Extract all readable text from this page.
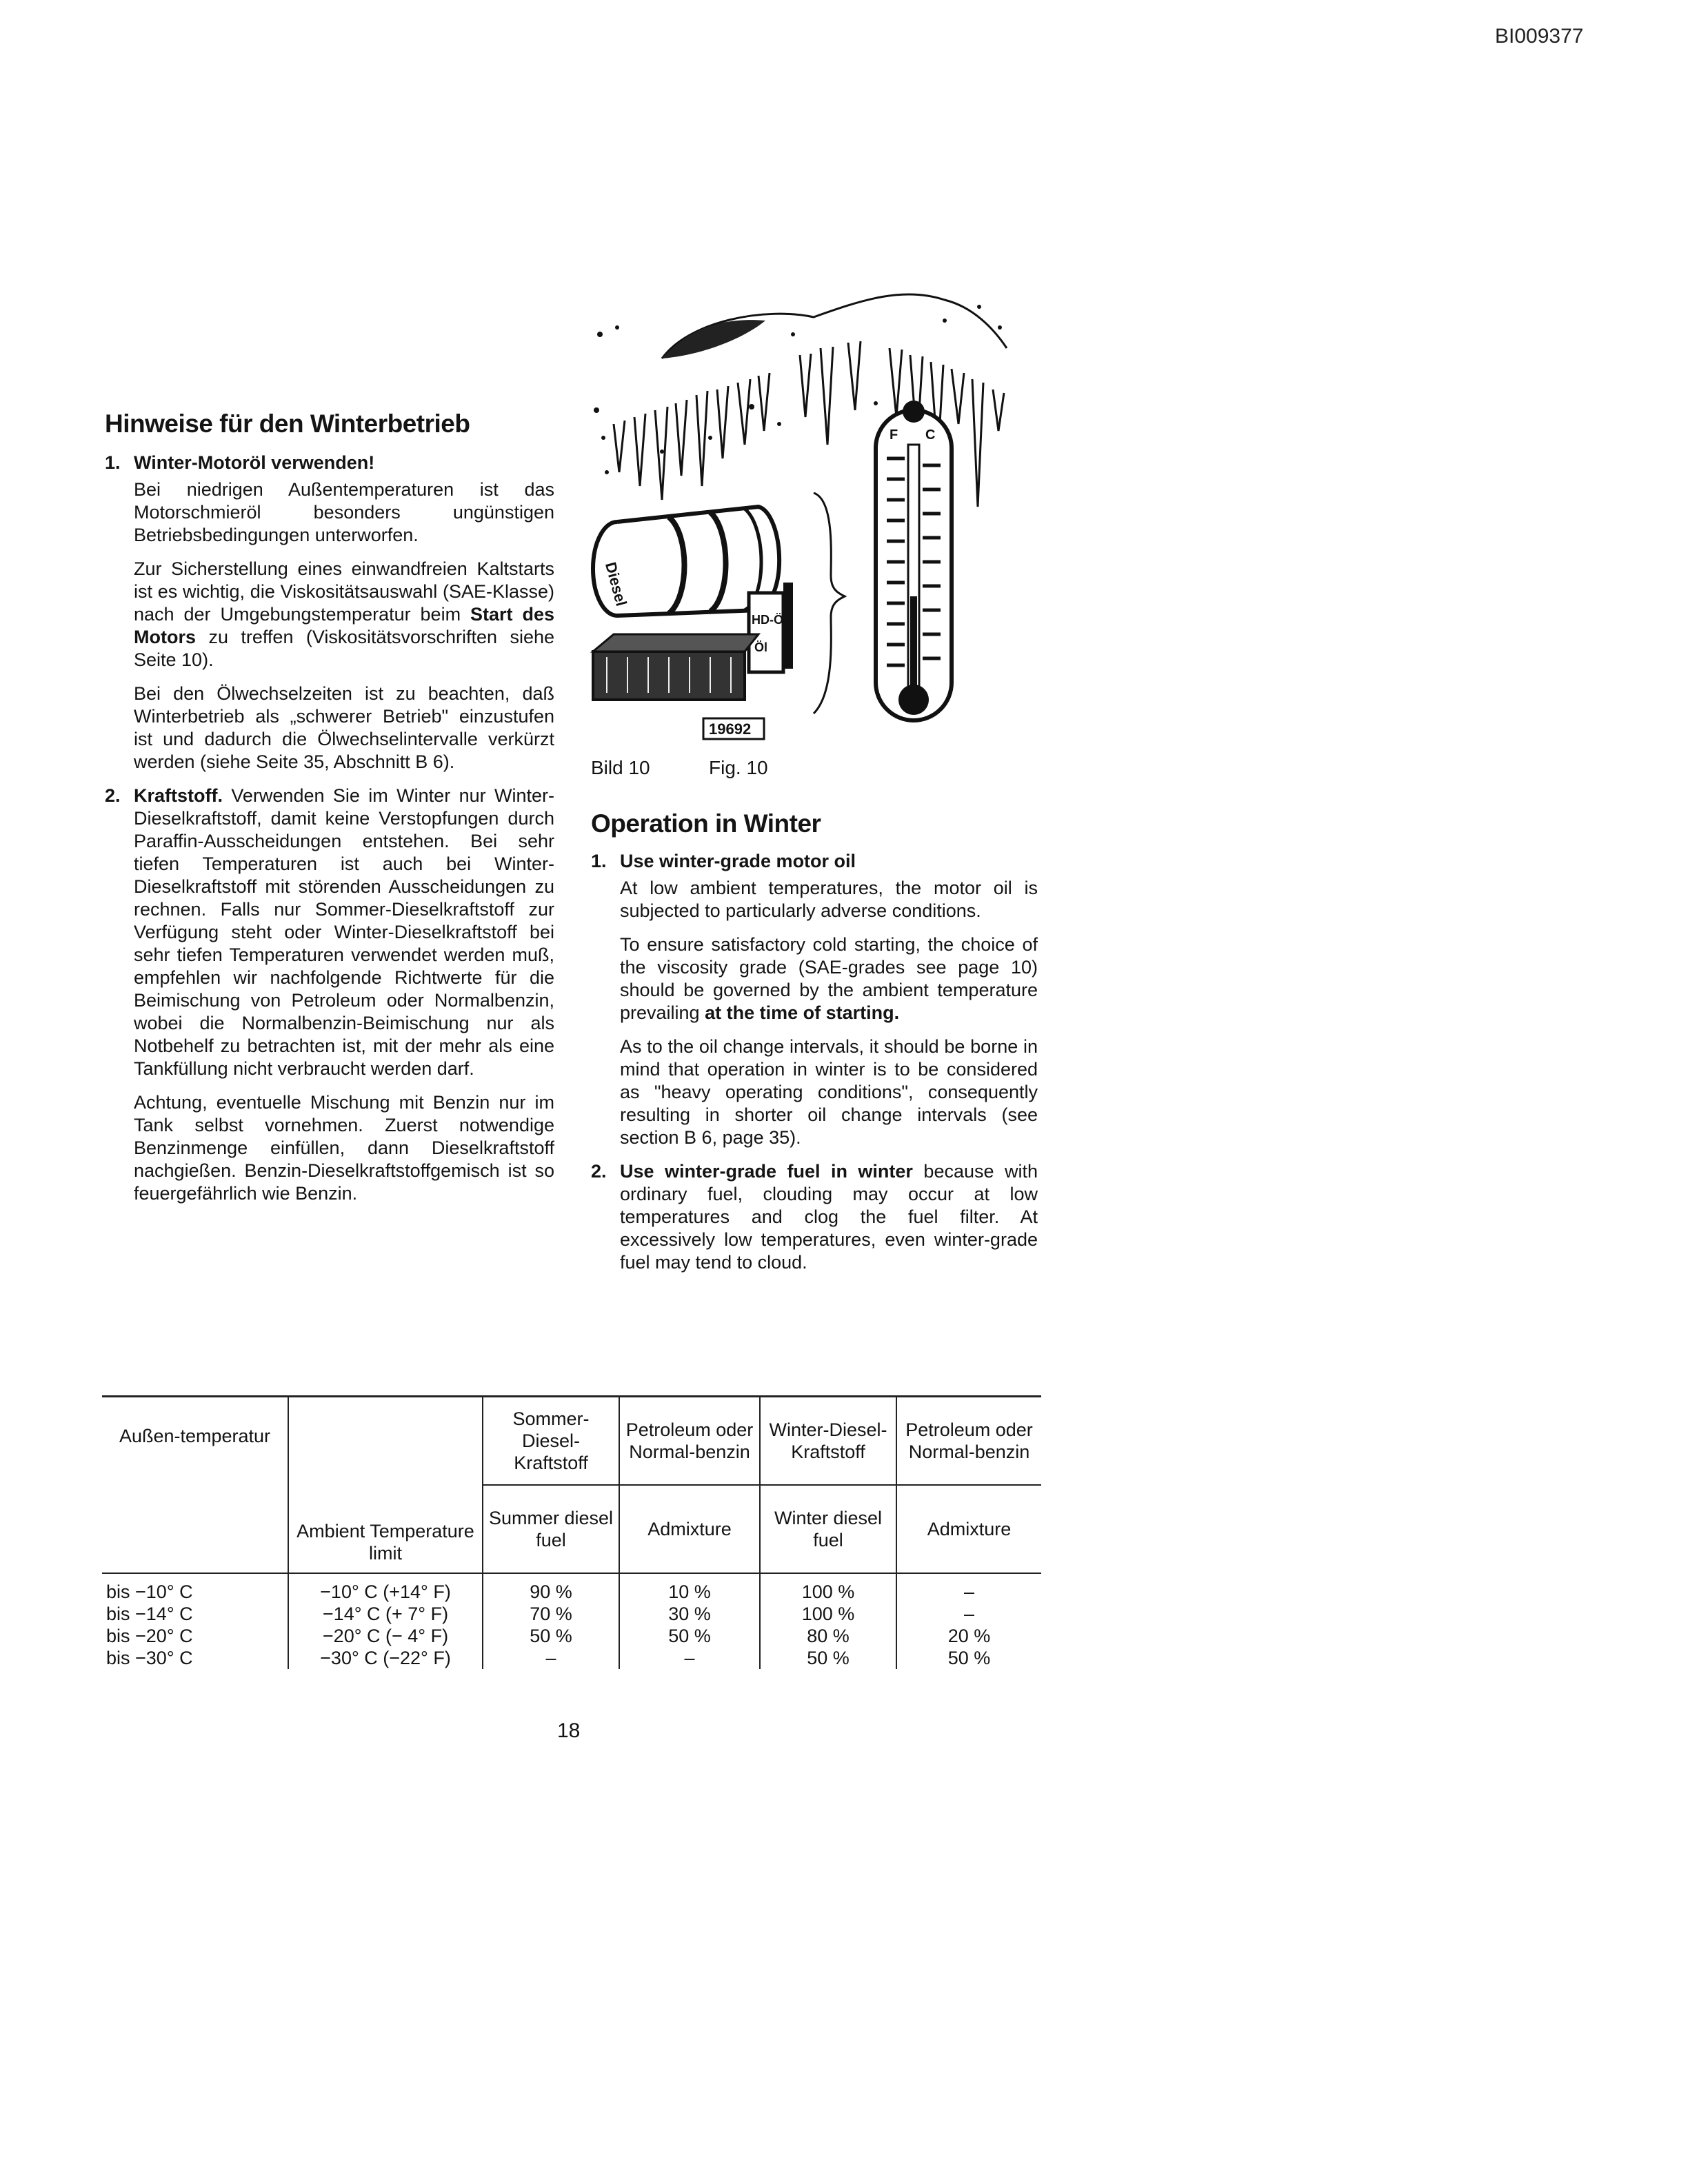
BI009377
Hinweise für den Winterbetrieb
1. Winter-Motoröl verwenden!

Bei niedrigen Außentemperaturen ist das Motorschmieröl besonders ungünstigen Betriebsbedingungen unterworfen.

Zur Sicherstellung eines einwandfreien Kaltstarts ist es wichtig, die Viskositätsauswahl (SAE-Klasse) nach der Umgebungstemperatur beim Start des Motors zu treffen (Viskositätsvorschriften siehe Seite 10).

Bei den Ölwechselzeiten ist zu beachten, daß Winterbetrieb als „schwerer Betrieb" einzustufen ist und dadurch die Ölwechselintervalle verkürzt werden (siehe Seite 35, Abschnitt B 6).

2. Kraftstoff. Verwenden Sie im Winter nur Winter-Dieselkraftstoff, damit keine Verstopfungen durch Paraffin-Ausscheidungen entstehen. Bei sehr tiefen Temperaturen ist auch bei Winter-Dieselkraftstoff mit störenden Ausscheidungen zu rechnen. Falls nur Sommer-Dieselkraftstoff zur Verfügung steht oder Winter-Dieselkraftstoff bei sehr tiefen Temperaturen verwendet werden muß, empfehlen wir nachfolgende Richtwerte für die Beimischung von Petroleum oder Normalbenzin, wobei die Normalbenzin-Beimischung nur als Notbehelf zu betrachten ist, mit der mehr als eine Tankfüllung nicht verbraucht werden darf.

Achtung, eventuelle Mischung mit Benzin nur im Tank selbst vornehmen. Zuerst notwendige Benzinmenge einfüllen, dann Dieselkraftstoff nachgießen. Benzin-Dieselkraftstoffgemisch ist so feuergefährlich wie Benzin.

Diesel
HD-Ö
Öl
F C
19692
Bild 10	Fig. 10
Operation in Winter
1. Use winter-grade motor oil

At low ambient temperatures, the motor oil is subjected to particularly adverse conditions.

To ensure satisfactory cold starting, the choice of the viscosity grade (SAE-grades see page 10) should be governed by the ambient temperature prevailing at the time of starting.

As to the oil change intervals, it should be borne in mind that operation in winter is to be considered as "heavy operating conditions", consequently resulting in shorter oil change intervals (see section B 6, page 35).

2. Use winter-grade fuel in winter because with ordinary fuel, clouding may occur at low temperatures and clog the fuel filter. At excessively low temperatures, even winter-grade fuel may tend to cloud.

Außen-temperatur	Ambient Temperature limit	Sommer-Diesel-Kraftstoff	Petroleum oder Normal-benzin	Winter-Diesel-Kraftstoff	Petroleum oder Normal-benzin
		Summer diesel fuel	Admixture	Winter diesel fuel	Admixture
bis −10° C	−10° C (+14° F)	90 %	10 %	100 %	–
bis −14° C	−14° C (+ 7° F)	70 %	30 %	100 %	–
bis −20° C	−20° C (− 4° F)	50 %	50 %	80 %	20 %
bis −30° C	−30° C (−22° F)	–	–	50 %	50 %
18
